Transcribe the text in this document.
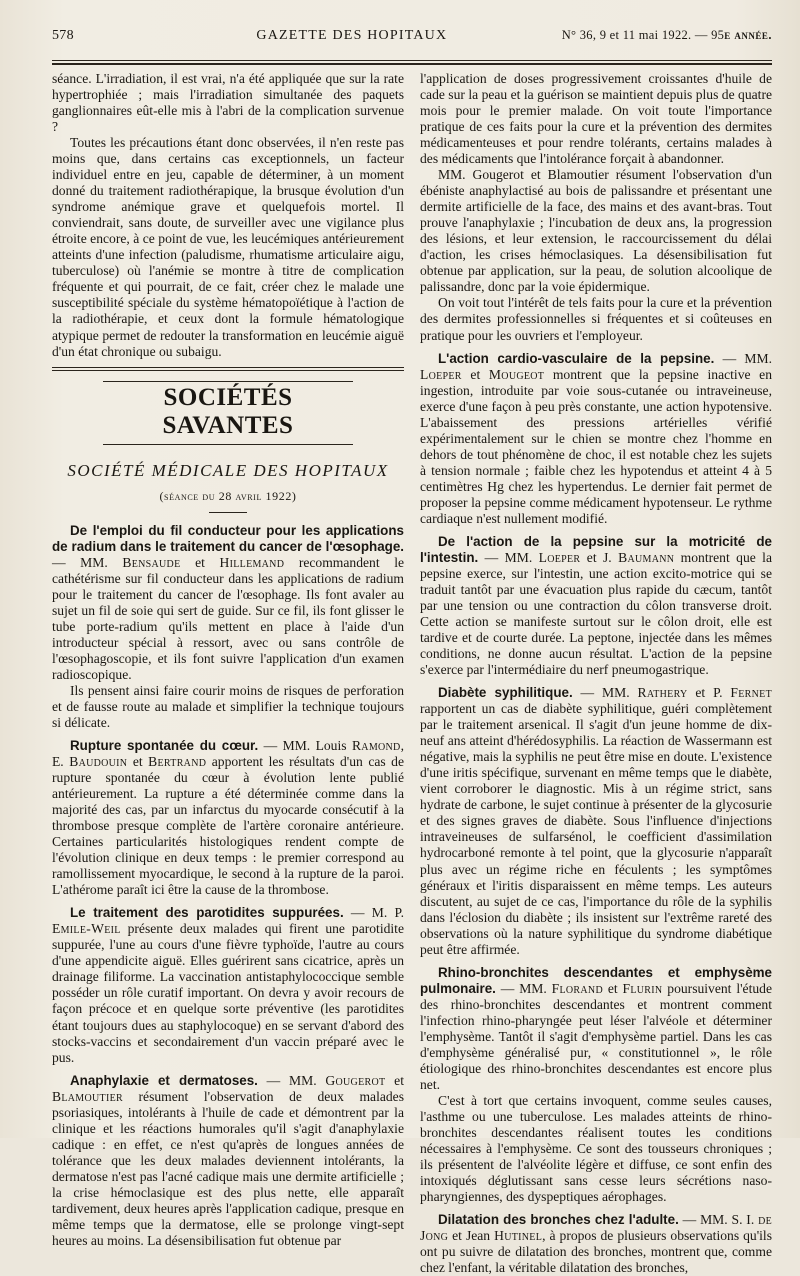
578	GAZETTE DES HOPITAUX	N° 36, 9 et 11 mai 1922. — 95e année.

séance. L'irradiation, il est vrai, n'a été appliquée que sur la rate hypertrophiée ; mais l'irradiation simultanée des paquets ganglionnaires eût-elle mis à l'abri de la complication survenue ?

Toutes les précautions étant donc observées, il n'en reste pas moins que, dans certains cas exceptionnels, un facteur individuel entre en jeu, capable de déterminer, à un moment donné du traitement radiothérapique, la brusque évolution d'un syndrome anémique grave et quelquefois mortel. Il conviendrait, sans doute, de surveiller avec une vigilance plus étroite encore, à ce point de vue, les leucémiques antérieurement atteints d'une infection (paludisme, rhumatisme articulaire aigu, tuberculose) où l'anémie se montre à titre de complication fréquente et qui pourrait, de ce fait, créer chez le malade une susceptibilité spéciale du système hématopoïétique à l'action de la radiothérapie, et ceux dont la formule hématologique atypique permet de redouter la transformation en leucémie aiguë d'un état chronique ou subaigu.

SOCIÉTÉS SAVANTES
SOCIÉTÉ MÉDICALE DES HOPITAUX
(séance du 28 avril 1922)

De l'emploi du fil conducteur pour les applications de radium dans le traitement du cancer de l'œsophage. — MM. Bensaude et Hillemand recommandent le cathétérisme sur fil conducteur dans les applications de radium pour le traitement du cancer de l'œsophage. Ils font avaler au sujet un fil de soie qui sert de guide. Sur ce fil, ils font glisser le tube porte-radium qu'ils mettent en place à l'aide d'un introducteur spécial à ressort, avec ou sans contrôle de l'œsophagoscopie, et ils font suivre l'application d'un examen radioscopique.

Ils pensent ainsi faire courir moins de risques de perforation et de fausse route au malade et simplifier la technique toujours si délicate.

Rupture spontanée du cœur. — MM. Louis Ramond, E. Baudouin et Bertrand apportent les résultats d'un cas de rupture spontanée du cœur à évolution lente publié antérieurement. La rupture a été déterminée comme dans la majorité des cas, par un infarctus du myocarde consécutif à la thrombose presque complète de l'artère coronaire antérieure. Certaines particularités histologiques rendent compte de l'évolution clinique en deux temps : le premier correspond au ramollissement myocardique, le second à la rupture de la paroi. L'athérome paraît ici être la cause de la thrombose.

Le traitement des parotidites suppurées. — M. P. Emile-Weil présente deux malades qui firent une parotidite suppurée, l'une au cours d'une fièvre typhoïde, l'autre au cours d'une appendicite aiguë. Elles guérirent sans cicatrice, après un drainage filiforme. La vaccination antistaphylococcique semble posséder un rôle curatif important. On devra y avoir recours de façon précoce et en quelque sorte préventive (les parotidites étant toujours dues au staphylocoque) en se servant d'abord des stocks-vaccins et secondairement d'un vaccin préparé avec le pus.

Anaphylaxie et dermatoses. — MM. Gougerot et Blamoutier résument l'observation de deux malades psoriasiques, intolérants à l'huile de cade et démontrent par la clinique et les réactions humorales qu'il s'agit d'anaphylaxie cadique : en effet, ce n'est qu'après de longues années de tolérance que les deux malades deviennent intolérants, la dermatose n'est pas l'acné cadique mais une dermite artificielle ; la crise hémoclasique est des plus nette, elle apparaît tardivement, deux heures après l'application cadique, presque en même temps que la dermatose, elle se prolonge vingt-sept heures au moins. La désensibilisation fut obtenue par

l'application de doses progressivement croissantes d'huile de cade sur la peau et la guérison se maintient depuis plus de quatre mois pour le premier malade. On voit toute l'importance pratique de ces faits pour la cure et la prévention des dermites médicamenteuses et pour rendre tolérants, certains malades à des médicaments que l'intolérance forçait à abandonner.

MM. Gougerot et Blamoutier résument l'observation d'un ébéniste anaphylactisé au bois de palissandre et présentant une dermite artificielle de la face, des mains et des avant-bras. Tout prouve l'anaphylaxie ; l'incubation de deux ans, la progression des lésions, et leur extension, le raccourcissement du délai d'action, les crises hémoclasiques. La désensibilisation fut obtenue par application, sur la peau, de solution alcoolique de palissandre, donc par la voie épidermique.

On voit tout l'intérêt de tels faits pour la cure et la prévention des dermites professionnelles si fréquentes et si coûteuses en pratique pour les ouvriers et l'employeur.

L'action cardio-vasculaire de la pepsine. — MM. Loeper et Mougeot montrent que la pepsine inactive en ingestion, introduite par voie sous-cutanée ou intraveineuse, exerce d'une façon à peu près constante, une action hypotensive. L'abaissement des pressions artérielles vérifié expérimentalement sur le chien se montre chez l'homme en dehors de tout phénomène de choc, il est notable chez les sujets à tension normale ; faible chez les hypotendus et atteint 4 à 5 centimètres Hg chez les hypertendus. Le dernier fait permet de proposer la pepsine comme médicament hypotenseur. Le rythme cardiaque n'est nullement modifié.

De l'action de la pepsine sur la motricité de l'intestin. — MM. Loeper et J. Baumann montrent que la pepsine exerce, sur l'intestin, une action excito-motrice qui se traduit tantôt par une évacuation plus rapide du cæcum, tantôt par une tension ou une contraction du côlon transverse droit. Cette action se manifeste surtout sur le côlon droit, elle est tardive et de courte durée. La peptone, injectée dans les mêmes conditions, ne donne aucun résultat. L'action de la pepsine s'exerce par l'intermédiaire du nerf pneumogastrique.

Diabète syphilitique. — MM. Rathery et P. Fernet rapportent un cas de diabète syphilitique, guéri complètement par le traitement arsenical. Il s'agit d'un jeune homme de dix-neuf ans atteint d'hérédosyphilis. La réaction de Wassermann est négative, mais la syphilis ne peut être mise en doute. L'existence d'une iritis spécifique, survenant en même temps que le diabète, vient corroborer le diagnostic. Mis à un régime strict, sans hydrate de carbone, le sujet continue à présenter de la glycosurie et des signes graves de diabète. Sous l'influence d'injections intraveineuses de sulfarsénol, le coefficient d'assimilation hydrocarboné remonte à tel point, que la glycosurie n'apparaît plus avec un régime riche en féculents ; les symptômes généraux et l'iritis disparaissent en même temps. Les auteurs discutent, au sujet de ce cas, l'importance du rôle de la syphilis dans l'éclosion du diabète ; ils insistent sur l'extrême rareté des observations où la nature syphilitique du syndrome diabétique peut être affirmée.

Rhino-bronchites descendantes et emphysème pulmonaire. — MM. Florand et Flurin poursuivent l'étude des rhino-bronchites descendantes et montrent comment l'infection rhino-pharyngée peut léser l'alvéole et déterminer l'emphysème. Tantôt il s'agit d'emphysème partiel. Dans les cas d'emphysème généralisé pur, « constitutionnel », le rôle étiologique des rhino-bronchites descendantes est encore plus net.

C'est à tort que certains invoquent, comme seules causes, l'asthme ou une tuberculose. Les malades atteints de rhino-bronchites descendantes réalisent toutes les conditions nécessaires à l'emphysème. Ce sont des tousseurs chroniques ; ils présentent de l'alvéolite légère et diffuse, ce sont enfin des intoxiqués déglutissant sans cesse leurs sécrétions naso-pharyngiennes, des dyspeptiques aérophages.

Dilatation des bronches chez l'adulte. — MM. S. I. de Jong et Jean Hutinel, à propos de plusieurs observations qu'ils ont pu suivre de dilatation des bronches, montrent que, comme chez l'enfant, la véritable dilatation des bronches,
